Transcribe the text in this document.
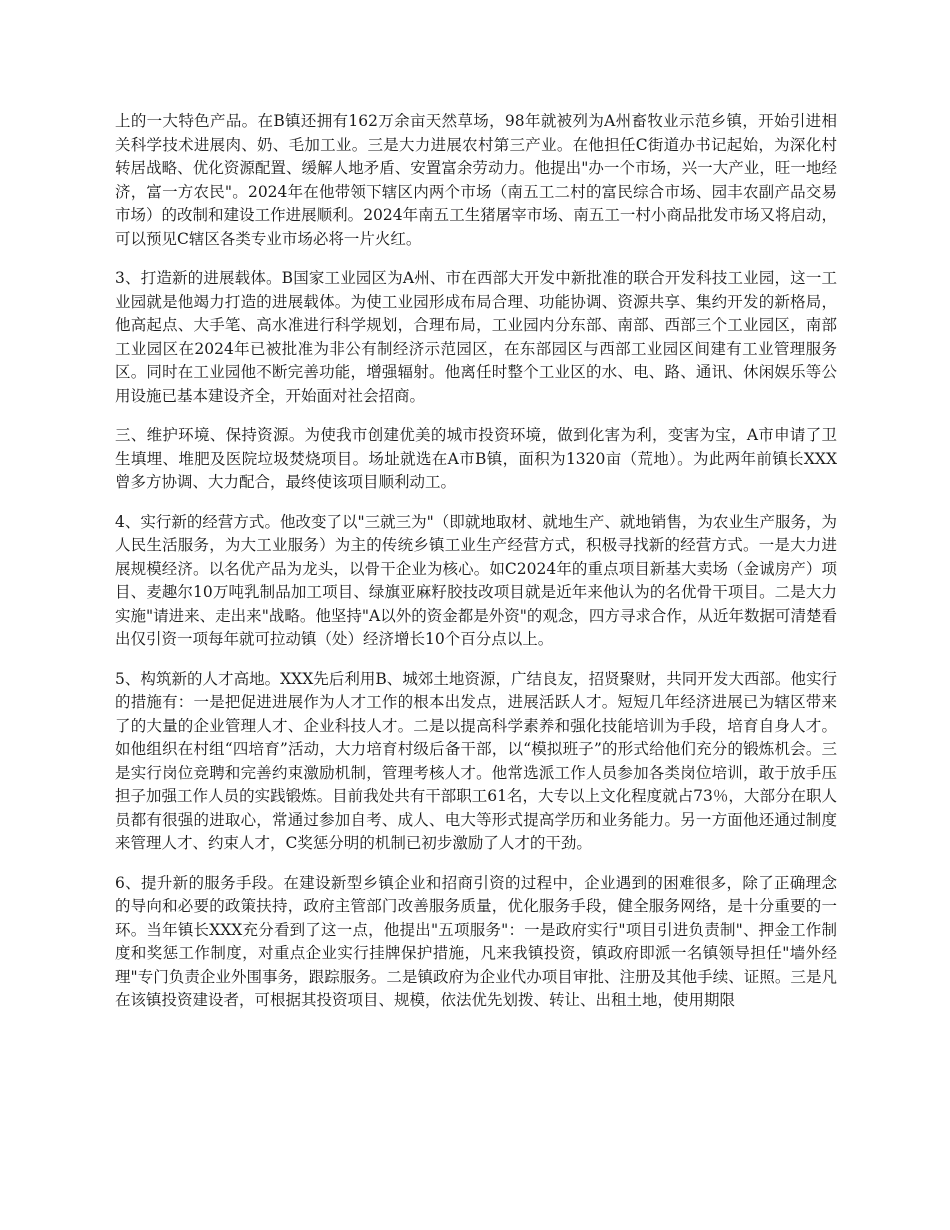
上的一大特色产品。在B镇还拥有162万余亩天然草场，98年就被列为A州畜牧业示范乡镇，开始引进相关科学技术进展肉、奶、毛加工业。三是大力进展农村第三产业。在他担任C街道办书记起始，为深化村转居战略、优化资源配置、缓解人地矛盾、安置富余劳动力。他提出"办一个市场，兴一大产业，旺一地经济，富一方农民"。2024年在他带领下辖区内两个市场（南五工二村的富民综合市场、园丰农副产品交易市场）的改制和建设工作进展顺利。2024年南五工生猪屠宰市场、南五工一村小商品批发市场又将启动，可以预见C辖区各类专业市场必将一片火红。

3、打造新的进展载体。B国家工业园区为A州、市在西部大开发中新批准的联合开发科技工业园，这一工业园就是他竭力打造的进展载体。为使工业园形成布局合理、功能协调、资源共享、集约开发的新格局，他高起点、大手笔、高水准进行科学规划，合理布局，工业园内分东部、南部、西部三个工业园区，南部工业园区在2024年已被批准为非公有制经济示范园区，在东部园区与西部工业园区间建有工业管理服务区。同时在工业园他不断完善功能，增强辐射。他离任时整个工业区的水、电、路、通讯、休闲娱乐等公用设施已基本建设齐全，开始面对社会招商。

三、维护环境、保持资源。为使我市创建优美的城市投资环境，做到化害为利，变害为宝，A市申请了卫生填埋、堆肥及医院垃圾焚烧项目。场址就选在A市B镇，面积为1320亩（荒地）。为此两年前镇长XXX曾多方协调、大力配合，最终使该项目顺利动工。

4、实行新的经营方式。他改变了以"三就三为"（即就地取材、就地生产、就地销售，为农业生产服务，为人民生活服务，为大工业服务）为主的传统乡镇工业生产经营方式，积极寻找新的经营方式。一是大力进展规模经济。以名优产品为龙头，以骨干企业为核心。如C2024年的重点项目新基大卖场（金诚房产）项目、麦趣尔10万吨乳制品加工项目、绿旗亚麻籽胶技改项目就是近年来他认为的名优骨干项目。二是大力实施"请进来、走出来"战略。他坚持"A以外的资金都是外资"的观念，四方寻求合作，从近年数据可清楚看出仅引资一项每年就可拉动镇（处）经济增长10个百分点以上。

5、构筑新的人才高地。XXX先后利用B、城郊土地资源，广结良友，招贤聚财，共同开发大西部。他实行的措施有：一是把促进进展作为人才工作的根本出发点，进展活跃人才。短短几年经济进展已为辖区带来了的大量的企业管理人才、企业科技人才。二是以提高科学素养和强化技能培训为手段，培育自身人才。如他组织在村组“四培育”活动，大力培育村级后备干部，以“模拟班子”的形式给他们充分的锻炼机会。三是实行岗位竞聘和完善约束激励机制，管理考核人才。他常选派工作人员参加各类岗位培训，敢于放手压担子加强工作人员的实践锻炼。目前我处共有干部职工61名，大专以上文化程度就占73％，大部分在职人员都有很强的进取心，常通过参加自考、成人、电大等形式提高学历和业务能力。另一方面他还通过制度来管理人才、约束人才，C奖惩分明的机制已初步激励了人才的干劲。

6、提升新的服务手段。在建设新型乡镇企业和招商引资的过程中，企业遇到的困难很多，除了正确理念的导向和必要的政策扶持，政府主管部门改善服务质量，优化服务手段，健全服务网络，是十分重要的一环。当年镇长XXX充分看到了这一点，他提出"五项服务"：一是政府实行"项目引进负责制"、押金工作制度和奖惩工作制度，对重点企业实行挂牌保护措施，凡来我镇投资，镇政府即派一名镇领导担任"墙外经理"专门负责企业外围事务，跟踪服务。二是镇政府为企业代办项目审批、注册及其他手续、证照。三是凡在该镇投资建设者，可根据其投资项目、规模，依法优先划拨、转让、出租土地，使用期限
